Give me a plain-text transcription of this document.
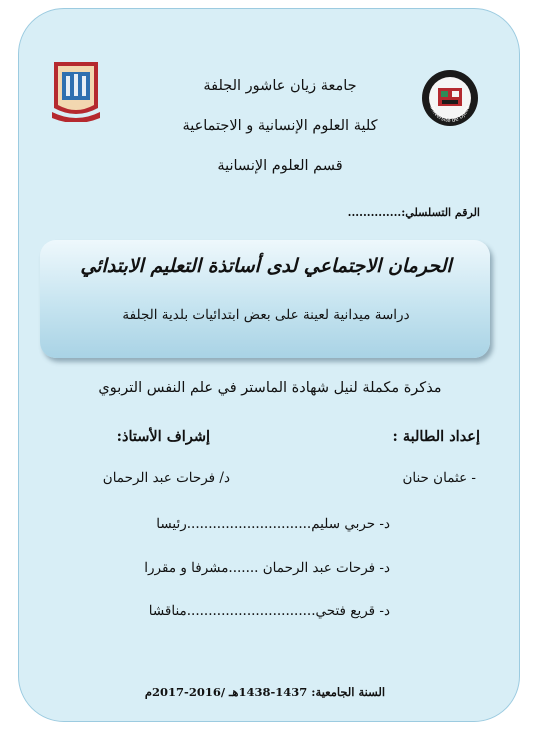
Université de Djelfa
جامعة زيان عاشور الجلفة
كلية العلوم الإنسانية و الاجتماعية
قسم العلوم الإنسانية
الرقم التسلسلي:..............
الحرمان الاجتماعي لدى أساتذة التعليم الابتدائي
دراسة ميدانية لعينة على بعض ابتدائيات بلدية الجلفة
مذكرة مكملة لنيل شهادة الماستر في علم النفس التربوي
إعداد الطالبة :
إشراف الأستاذ:
- عثمان حنان
د/ فرحات عبد الرحمان
د- حربي سليم.............................رئيسا
د- فرحات عبد الرحمان .......مشرفا و مقررا
د- قريع فتحي..............................مناقشا
السنة الجامعية: 1437-1438هـ /2016-2017م
